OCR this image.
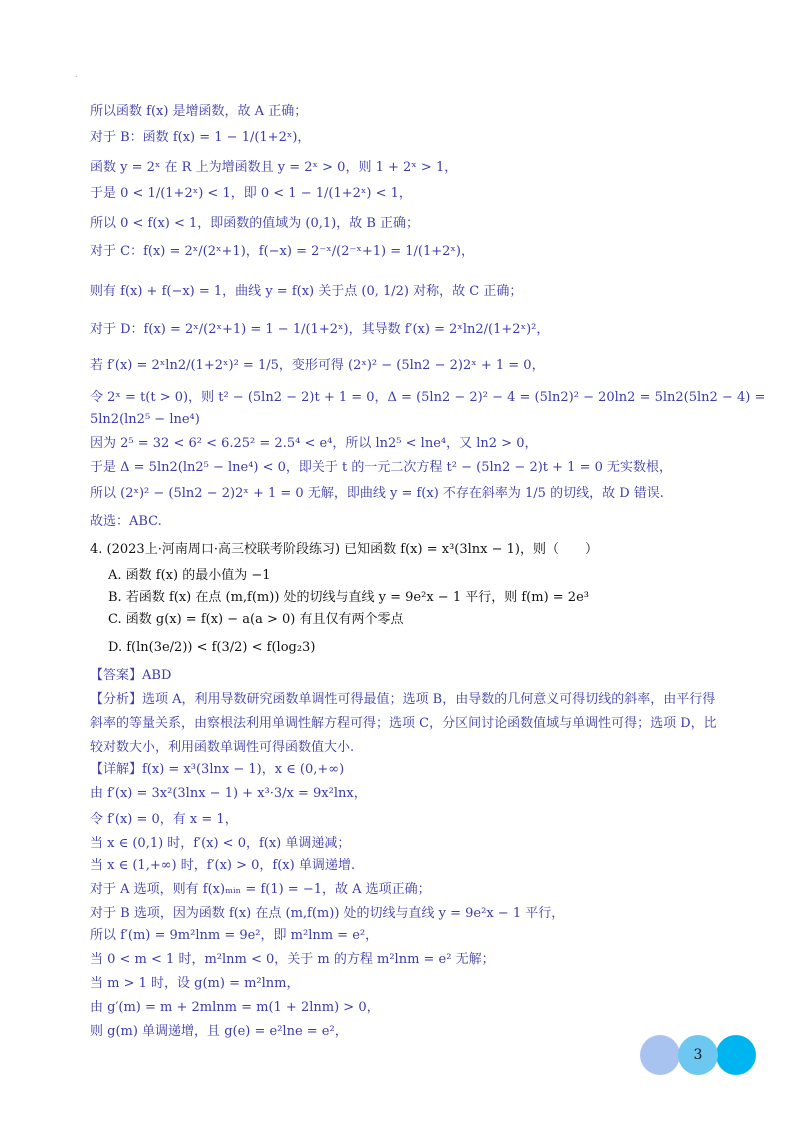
.
所以函数 f(x) 是增函数，故 A 正确；
对于 B：函数 f(x) = 1 − 1/(1+2ˣ)，
函数 y = 2ˣ 在 R 上为增函数且 y = 2ˣ > 0，则 1 + 2ˣ > 1，
于是 0 < 1/(1+2ˣ) < 1，即 0 < 1 − 1/(1+2ˣ) < 1，
所以 0 < f(x) < 1，即函数的值域为 (0,1)，故 B 正确；
对于 C：f(x) = 2ˣ/(2ˣ+1)，f(−x) = 2⁻ˣ/(2⁻ˣ+1) = 1/(1+2ˣ)，
则有 f(x) + f(−x) = 1，曲线 y = f(x) 关于点 (0, 1/2) 对称，故 C 正确；
对于 D：f(x) = 2ˣ/(2ˣ+1) = 1 − 1/(1+2ˣ)，其导数 f′(x) = 2ˣln2/(1+2ˣ)²，
若 f′(x) = 2ˣln2/(1+2ˣ)² = 1/5，变形可得 (2ˣ)² − (5ln2 − 2)2ˣ + 1 = 0，
令 2ˣ = t(t > 0)，则 t² − (5ln2 − 2)t + 1 = 0，Δ = (5ln2 − 2)² − 4 = (5ln2)² − 20ln2 = 5ln2(5ln2 − 4) =
5ln2(ln2⁵ − lne⁴)
因为 2⁵ = 32 < 6² < 6.25² = 2.5⁴ < e⁴，所以 ln2⁵ < lne⁴，又 ln2 > 0，
于是 Δ = 5ln2(ln2⁵ − lne⁴) < 0，即关于 t 的一元二次方程 t² − (5ln2 − 2)t + 1 = 0 无实数根，
所以 (2ˣ)² − (5ln2 − 2)2ˣ + 1 = 0 无解，即曲线 y = f(x) 不存在斜率为 1/5 的切线，故 D 错误.
故选：ABC.
4. (2023上·河南周口·高三校联考阶段练习) 已知函数 f(x) = x³(3lnx − 1)，则（　　）
A. 函数 f(x) 的最小值为 −1
B. 若函数 f(x) 在点 (m,f(m)) 处的切线与直线 y = 9e²x − 1 平行，则 f(m) = 2e³
C. 函数 g(x) = f(x) − a(a > 0) 有且仅有两个零点
D. f(ln(3e/2)) < f(3/2) < f(log₂3)
【答案】ABD
【分析】选项 A，利用导数研究函数单调性可得最值；选项 B，由导数的几何意义可得切线的斜率，由平行得
斜率的等量关系，由察根法利用单调性解方程可得；选项 C，分区间讨论函数值域与单调性可得；选项 D，比
较对数大小，利用函数单调性可得函数值大小.
【详解】f(x) = x³(3lnx − 1)，x ∈ (0,+∞)
由 f′(x) = 3x²(3lnx − 1) + x³·3/x = 9x²lnx，
令 f′(x) = 0，有 x = 1，
当 x ∈ (0,1) 时，f′(x) < 0，f(x) 单调递减；
当 x ∈ (1,+∞) 时，f′(x) > 0，f(x) 单调递增.
对于 A 选项，则有 f(x)ₘᵢₙ = f(1) = −1，故 A 选项正确；
对于 B 选项，因为函数 f(x) 在点 (m,f(m)) 处的切线与直线 y = 9e²x − 1 平行，
所以 f′(m) = 9m²lnm = 9e²，即 m²lnm = e²，
当 0 < m < 1 时，m²lnm < 0，关于 m 的方程 m²lnm = e² 无解；
当 m > 1 时，设 g(m) = m²lnm，
由 g′(m) = m + 2mlnm = m(1 + 2lnm) > 0，
则 g(m) 单调递增，且 g(e) = e²lne = e²，
3
